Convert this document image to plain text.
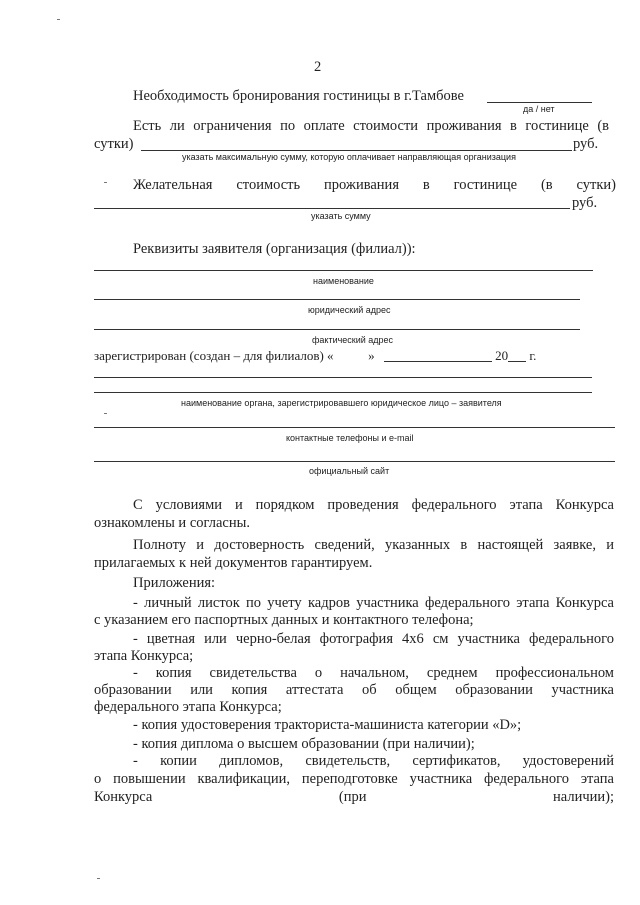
2
Необходимость бронирования гостиницы в г.Тамбове
да / нет
Есть ли ограничения по оплате стоимости проживания в гостинице (в
сутки)	руб.
указать максимальную сумму, которую оплачивает направляющая организация
Желательная стоимость проживания в гостинице (в сутки)
руб.
указать сумму
Реквизиты заявителя (организация (филиал)):
наименование
юридический адрес
фактический адрес
зарегистрирован (создан – для филиалов) «	»	20 г.
наименование органа, зарегистрировавшего юридическое лицо – заявителя
контактные телефоны и e-mail
официальный сайт
С условиями и порядком проведения федерального этапа Конкурса
ознакомлены и согласны.
Полноту и достоверность сведений, указанных в настоящей заявке, и
прилагаемых к ней документов гарантируем.
Приложения:
- личный листок по учету кадров участника федерального этапа Конкурса
с указанием его паспортных данных и контактного телефона;
- цветная или черно-белая фотография 4х6 см участника федерального
этапа Конкурса;
- копия свидетельства о начальном, среднем профессиональном
образовании или копия аттестата об общем образовании участника
федерального этапа Конкурса;
- копия удостоверения тракториста-машиниста категории «D»;
- копия диплома о высшем образовании (при наличии);
- копии дипломов, свидетельств, сертификатов, удостоверений
о повышении квалификации, переподготовке участника федерального этапа
Конкурса (при наличии);
